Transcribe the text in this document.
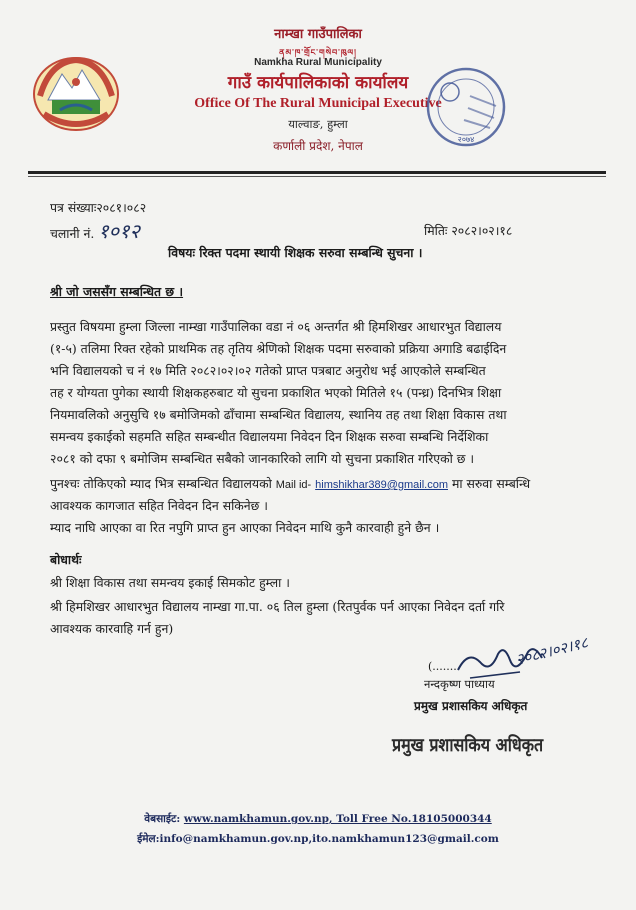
नाम्खा गाउँपालिका
ནམ་ཁ་གྲོང་གསེབ་ཁུལ།
Namkha Rural Municipality
गाउँ कार्यपालिकाको कार्यालय
Office Of The Rural Municipal Executive
याल्वाङ, हुम्ला
कर्णाली प्रदेश, नेपाल	२०७४
पत्र संख्याः२०८१।०८२
चलानी नं. १०१२	मितिः २०८२।०२।१८
विषयः रिक्त पदमा स्थायी शिक्षक सरुवा सम्बन्धि सुचना ।
श्री जो जससँग सम्बन्धित छ ।
प्रस्तुत विषयमा हुम्ला जिल्ला नाम्खा गाउँपालिका वडा नं ०६ अन्तर्गत श्री हिमशिखर आधारभुत विद्यालय
(१-५) तलिमा रिक्त रहेको प्राथमिक तह तृतिय श्रेणिको शिक्षक पदमा सरुवाको प्रक्रिया अगाडि बढाईदिन
भनि विद्यालयको च नं १७ मिति २०८२।०२।०२ गतेको प्राप्त पत्रबाट अनुरोध भई आएकोले सम्बन्धित
तह र योग्यता पुगेका स्थायी शिक्षकहरुबाट यो सुचना प्रकाशित भएको मितिले १५ (पन्ध्र) दिनभित्र शिक्षा
नियमावलिको अनुसुचि १७ बमोजिमको ढाँचामा सम्बन्धित विद्यालय, स्थानिय तह तथा शिक्षा विकास तथा
समन्वय इकाईको सहमति सहित सम्बन्धीत विद्यालयमा निवेदन दिन शिक्षक सरुवा सम्बन्धि निर्देशिका
२०८१ को दफा ९ बमोजिम सम्बन्धित सबैको जानकारिको लागि यो सुचना प्रकाशित गरिएको छ ।
पुनश्चः तोकिएको म्याद भित्र सम्बन्धित विद्यालयको Mail id- himshikhar389@gmail.com मा सरुवा सम्बन्धि
आवश्यक कागजात सहित निवेदन दिन सकिनेछ ।
म्याद नाघि आएका वा रित नपुगि प्राप्त हुन आएका निवेदन माथि कुनै कारवाही हुने छैन ।
बोधार्थः
श्री शिक्षा विकास तथा समन्वय इकाई सिमकोट हुम्ला ।
श्री हिमशिखर आधारभुत विद्यालय नाम्खा गा.पा. ०६ तिल हुम्ला (रितपुर्वक पर्न आएका निवेदन दर्ता गरि
आवश्यक कारवाहि गर्न हुन)
(.......	२०८२।०२।१८
नन्दकृष्ण पाध्याय
प्रमुख प्रशासकिय अधिकृत
प्रमुख प्रशासकिय अधिकृत
वेबसाईट: www.namkhamun.gov.np, Toll Free No.18105000344
ईमेल:info@namkhamun.gov.np,ito.namkhamun123@gmail.com
